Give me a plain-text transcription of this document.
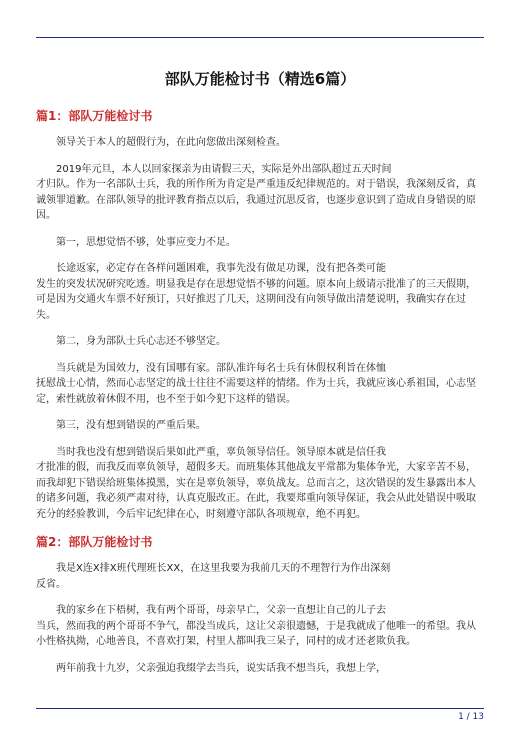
部队万能检讨书（精选6篇）
篇1：部队万能检讨书

领导关于本人的超假行为，在此向您做出深刻检查。

2019年元旦，本人以回家探亲为由请假三天，实际是外出部队超过五天时间
才归队。作为一名部队士兵，我的所作所为肯定是严重违反纪律规范的。对于错误，我深刻反省，真诚领罪道歉。在部队领导的批评教育指点以后，我通过沉思反省，也逐步意识到了造成自身错误的原因。

第一，思想觉悟不够，处事应变力不足。

长途返家，必定存在各样问题困难，我事先没有做足功课，没有把各类可能
发生的突发状况研究吃透。明显我是存在思想觉悟不够的问题。原本向上级请示批准了的三天假期，可是因为交通火车票不好预订，只好推迟了几天，这期间没有向领导做出清楚说明，我确实存在过失。

第二，身为部队士兵心志还不够坚定。

当兵就是为国效力，没有国哪有家。部队准许每名士兵有休假权利旨在体恤
抚慰战士心情，然而心志坚定的战士往往不需要这样的情绪。作为士兵，我就应该心系祖国，心志坚定，索性就放着休假不用，也不至于如今犯下这样的错误。

第三，没有想到错误的严重后果。

当时我也没有想到错误后果如此严重，辜负领导信任。领导原本就是信任我
才批准的假，而我反而辜负领导，超假多天。而班集体其他战友平常都为集体争光，大家辛苦不易，而我却犯下错误给班集体摸黑，实在是辜负领导，辜负战友。总而言之，这次错误的发生暴露出本人的诸多问题，我必须严肃对待，认真克服改正。在此，我要郑重向领导保证，我会从此处错误中吸取充分的经验教训，今后牢记纪律在心，时刻遵守部队各项规章，绝不再犯。

篇2：部队万能检讨书

我是X连X排X班代理班长XX，在这里我要为我前几天的不理智行为作出深刻
反省。

我的家乡在下梧树，我有两个哥哥，母亲早亡，父亲一直想让自己的儿子去
当兵，然而我的两个哥哥不争气，都没当成兵，这让父亲很遗憾，于是我就成了他唯一的希望。我从小性格执拗，心地善良，不喜欢打架，村里人都叫我三呆子，同村的成才还老欺负我。

两年前我十九岁，父亲强迫我缀学去当兵，说实话我不想当兵，我想上学，

1 / 13
